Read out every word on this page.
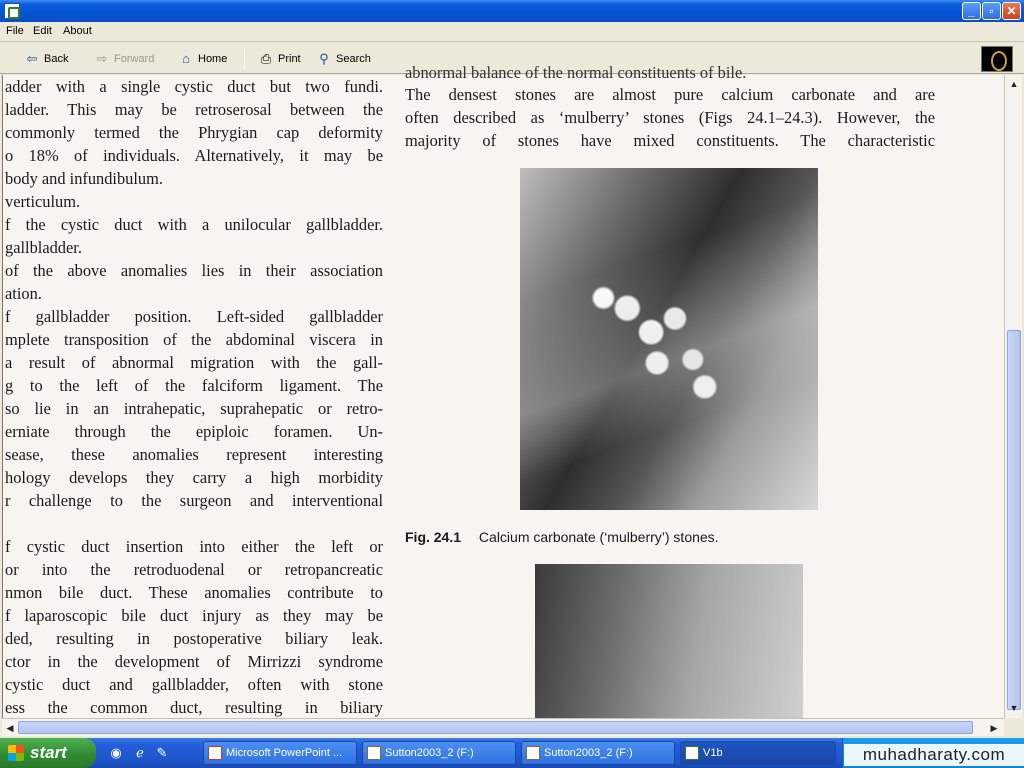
_	▫	✕
File Edit About
⇦ Back ⇨ Forward	⌂ Home	⎙ Print ⚲ Search
adder with a single cystic duct but two fundi.
ladder. This may be retroserosal between the
commonly termed the Phrygian cap deformity
o 18% of individuals. Alternatively, it may be
body and infundibulum.
verticulum.
f the cystic duct with a unilocular gallbladder.
gallbladder.
of the above anomalies lies in their association
ation.
f gallbladder position. Left-sided gallbladder
mplete transposition of the abdominal viscera in
a result of abnormal migration with the gall-
g to the left of the falciform ligament. The
so lie in an intrahepatic, suprahepatic or retro-
erniate through the epiploic foramen. Un-
sease, these anomalies represent interesting
hology develops they carry a high morbidity
r challenge to the surgeon and interventional
f cystic duct insertion into either the left or
or into the retroduodenal or retropancreatic
nmon bile duct. These anomalies contribute to
f laparoscopic bile duct injury as they may be
ded, resulting in postoperative biliary leak.
ctor in the development of Mirrizzi syndrome
cystic duct and gallbladder, often with stone
ess the common duct, resulting in biliary
abnormal balance of the normal constituents of bile.
The densest stones are almost pure calcium carbonate and are
often described as ‘mulberry’ stones (Figs 24.1–24.3). However, the
majority of stones have mixed constituents. The characteristic
Fig. 24.1 Calcium carbonate (‘mulberry’) stones.
▲
▼
◀	▶
start	◉	ℯ ✎	Microsoft PowerPoint ...	Sutton2003_2 (F:)	Sutton2003_2 (F:)	V1b	muhadharaty.com
